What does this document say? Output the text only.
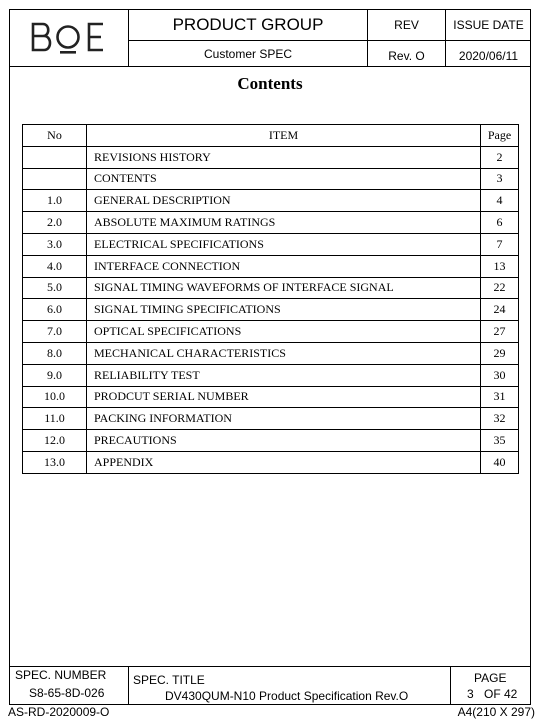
PRODUCT GROUP	REV	ISSUE DATE
Customer SPEC	Rev. O	2020/06/11
Contents
No	ITEM	Page
	REVISIONS HISTORY	2
	CONTENTS	3
1.0	GENERAL DESCRIPTION	4
2.0	ABSOLUTE MAXIMUM RATINGS	6
3.0	ELECTRICAL SPECIFICATIONS	7
4.0	INTERFACE CONNECTION	13
5.0	SIGNAL TIMING WAVEFORMS OF INTERFACE SIGNAL	22
6.0	SIGNAL TIMING SPECIFICATIONS	24
7.0	OPTICAL SPECIFICATIONS	27
8.0	MECHANICAL CHARACTERISTICS	29
9.0	RELIABILITY TEST	30
10.0	PRODCUT SERIAL NUMBER	31
11.0	PACKING INFORMATION	32
12.0	PRECAUTIONS	35
13.0	APPENDIX	40
SPEC. NUMBER
S8-65-8D-026
SPEC. TITLE
DV430QUM-N10 Product Specification Rev.O
PAGE
3 OF 42
AS-RD-2020009-O	A4(210 X 297)
